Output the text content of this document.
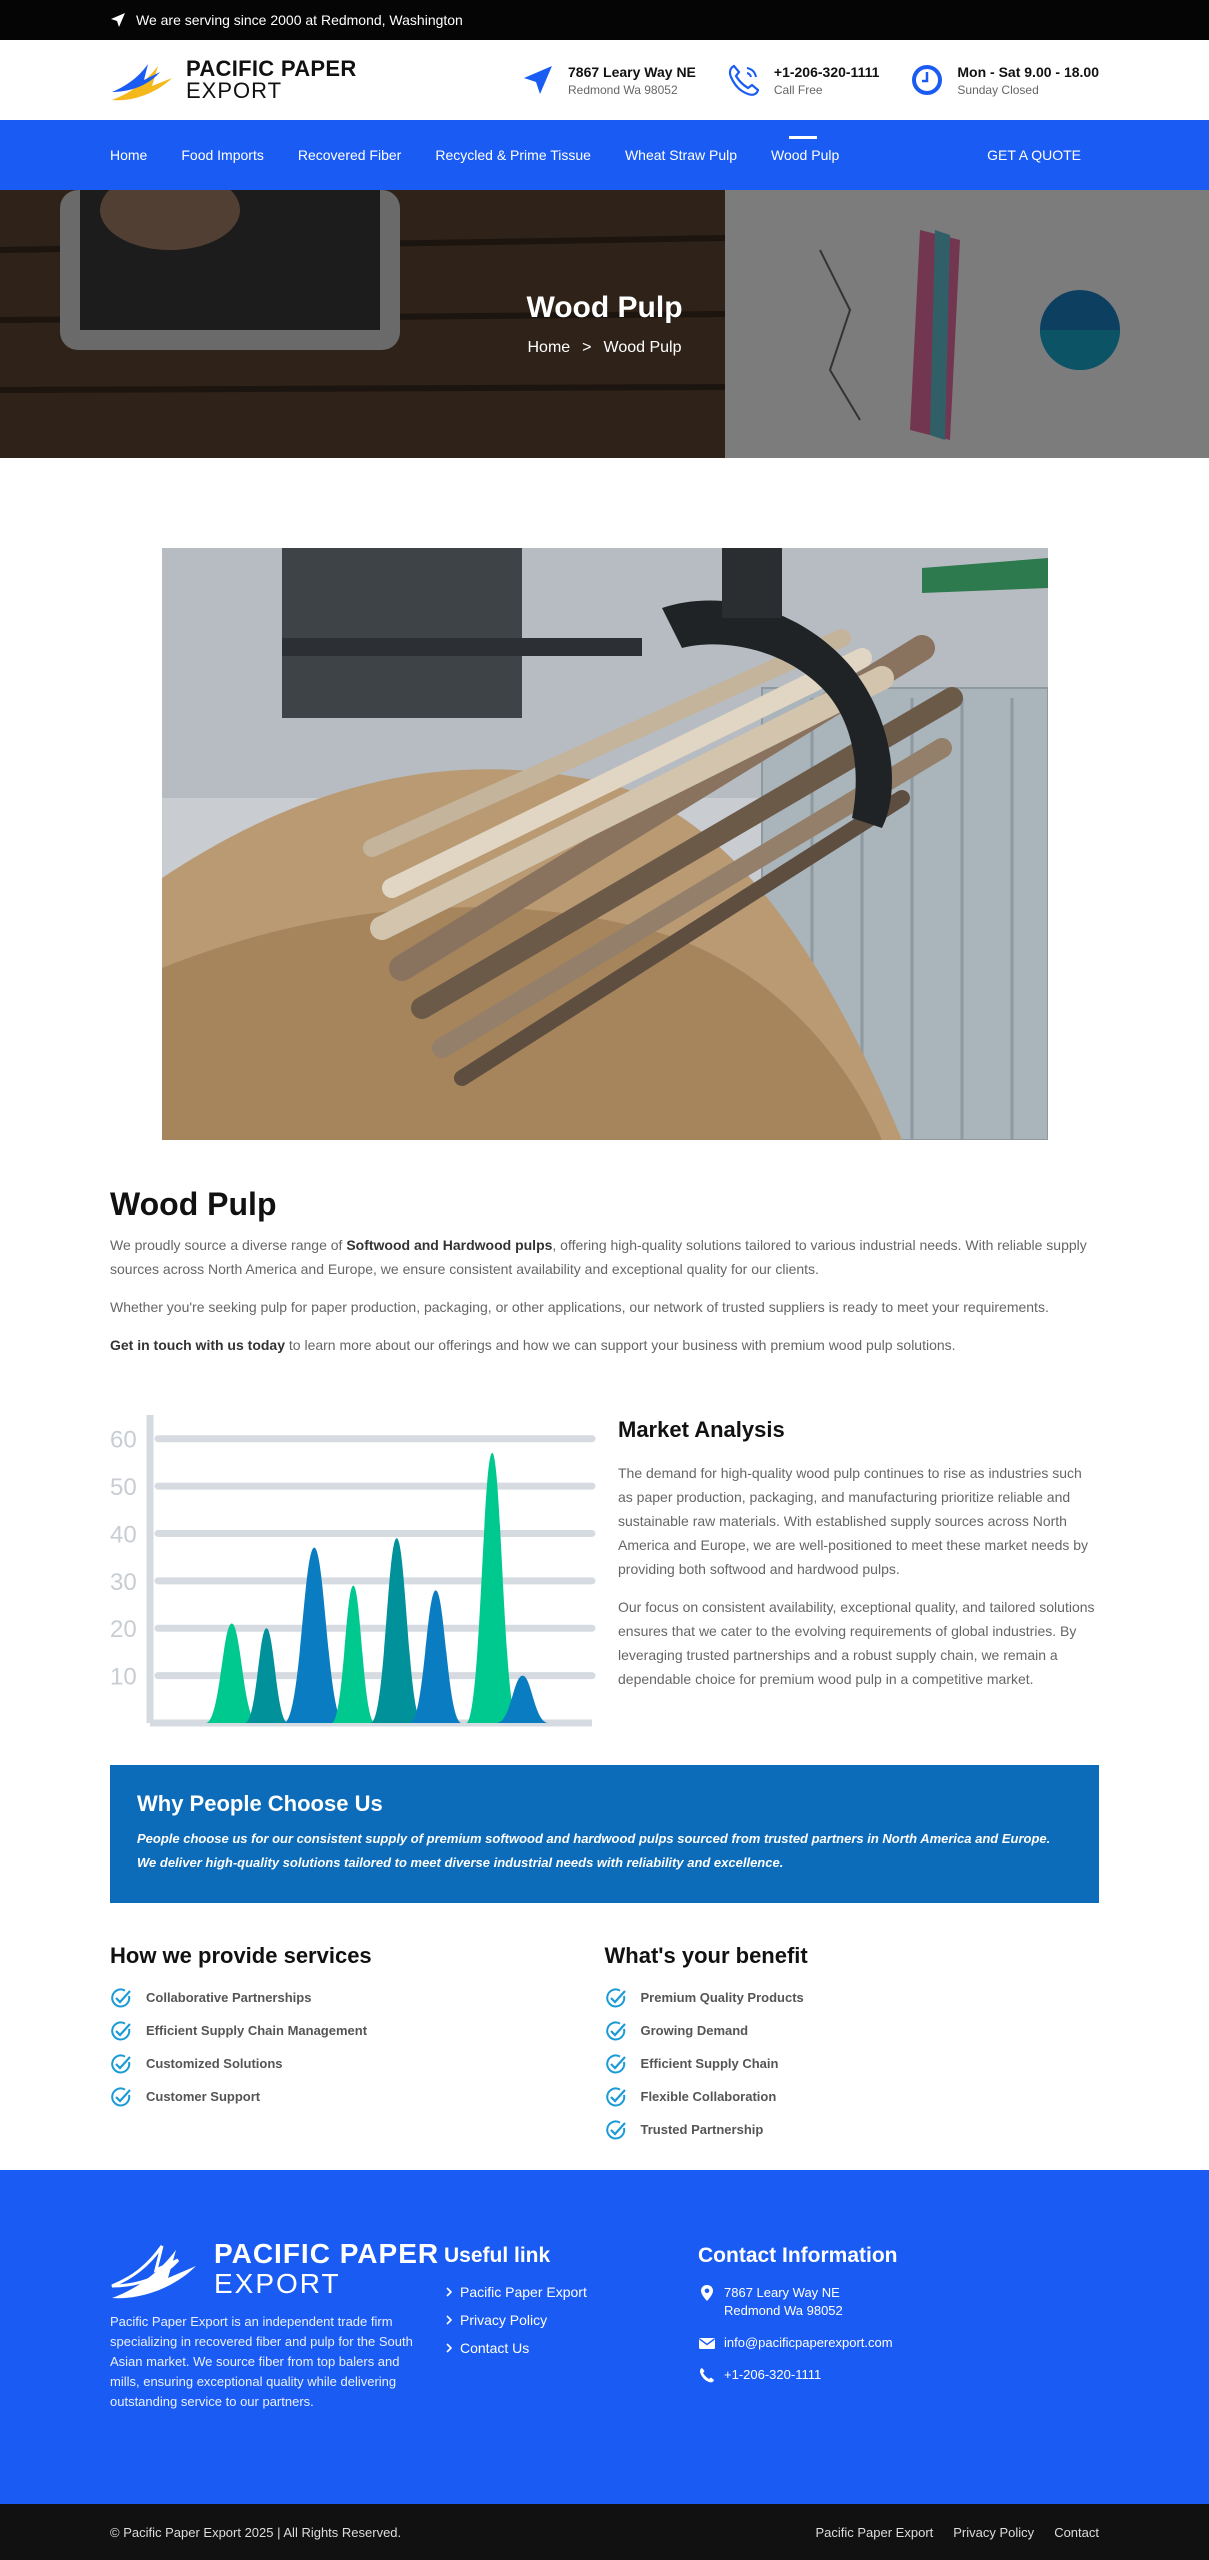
We are serving since 2000 at Redmond, Washington
PACIFIC PAPER
EXPORT
7867 Leary Way NE
Redmond Wa 98052
+1-206-320-1111
Call Free
Mon - Sat 9.00 - 18.00
Sunday Closed
Home Food Imports Recovered Fiber Recycled & Prime Tissue Wheat Straw Pulp Wood Pulp	GET A QUOTE
Wood Pulp
Home > Wood Pulp
Wood Pulp

We proudly source a diverse range of Softwood and Hardwood pulps, offering high-quality solutions tailored to various industrial needs. With reliable supply sources across North America and Europe, we ensure consistent availability and exceptional quality for our clients.

Whether you're seeking pulp for paper production, packaging, or other applications, our network of trusted suppliers is ready to meet your requirements.

Get in touch with us today to learn more about our offerings and how we can support your business with premium wood pulp solutions.

10
20
30
40
50
60	Market Analysis

The demand for high-quality wood pulp continues to rise as industries such as paper production, packaging, and manufacturing prioritize reliable and sustainable raw materials. With established supply sources across North America and Europe, we are well-positioned to meet these market needs by providing both softwood and hardwood pulps.

Our focus on consistent availability, exceptional quality, and tailored solutions ensures that we cater to the evolving requirements of global industries. By leveraging trusted partnerships and a robust supply chain, we remain a dependable choice for premium wood pulp in a competitive market.

Why People Choose Us

People choose us for our consistent supply of premium softwood and hardwood pulps sourced from trusted partners in North America and Europe. We deliver high-quality solutions tailored to meet diverse industrial needs with reliability and excellence.

How we provide services
Collaborative Partnerships
Efficient Supply Chain Management
Customized Solutions
Customer Support
What's your benefit
Premium Quality Products
Growing Demand
Efficient Supply Chain
Flexible Collaboration
Trusted Partnership
PACIFIC PAPER
EXPORT
Pacific Paper Export is an independent trade firm specializing in recovered fiber and pulp for the South Asian market. We source fiber from top balers and mills, ensuring exceptional quality while delivering outstanding service to our partners.
Useful link
Pacific Paper Export
Privacy Policy
Contact Us
Contact Information
7867 Leary Way NE
Redmond Wa 98052
info@pacificpaperexport.com
+1-206-320-1111
© Pacific Paper Export 2025 | All Rights Reserved.	Pacific Paper Export Privacy Policy Contact
